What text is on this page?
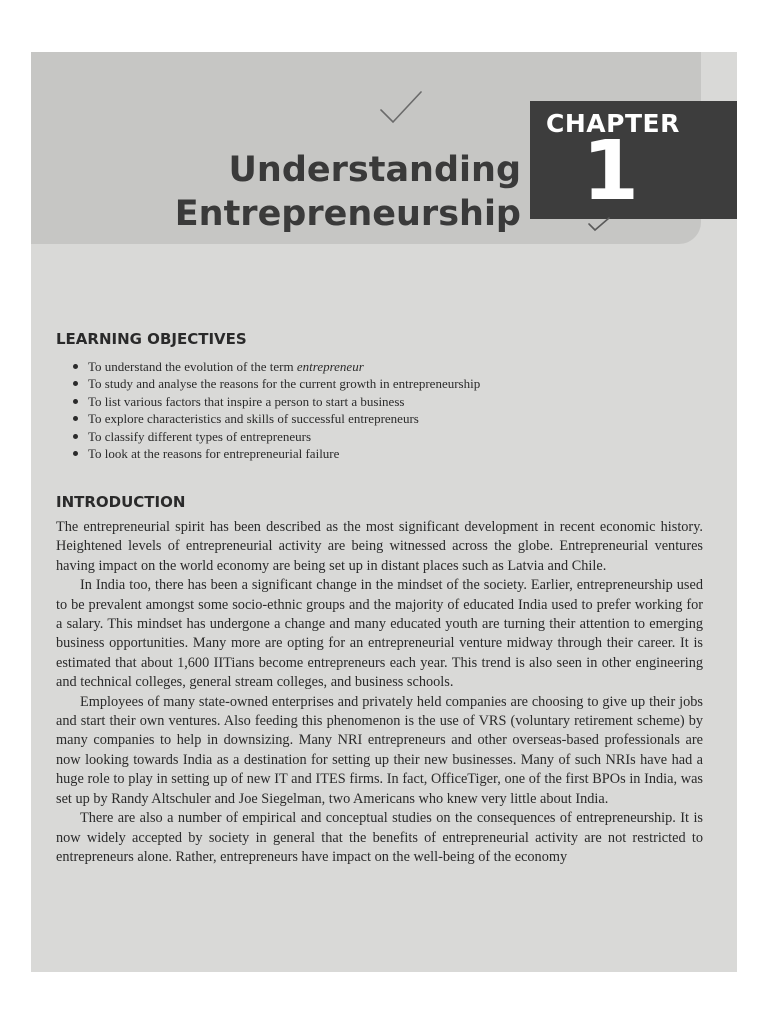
Understanding
Entrepreneurship
CHAPTER
1
LEARNING OBJECTIVES
To understand the evolution of the term entrepreneur
To study and analyse the reasons for the current growth in entrepreneurship
To list various factors that inspire a person to start a business
To explore characteristics and skills of successful entrepreneurs
To classify different types of entrepreneurs
To look at the reasons for entrepreneurial failure
INTRODUCTION

The entrepreneurial spirit has been described as the most significant development in recent economic history. Heightened levels of entrepreneurial activity are being witnessed across the globe. Entrepreneurial ventures having impact on the world economy are being set up in distant places such as Latvia and Chile.

In India too, there has been a significant change in the mindset of the society. Earlier, entrepreneurship used to be prevalent amongst some socio-ethnic groups and the majority of educated India used to prefer working for a salary. This mindset has undergone a change and many educated youth are turning their attention to emerging business opportunities. Many more are opting for an entrepreneurial venture midway through their career. It is estimated that about 1,600 IITians become entrepreneurs each year. This trend is also seen in other engineering and technical colleges, general stream colleges, and business schools.

Employees of many state-owned enterprises and privately held companies are choosing to give up their jobs and start their own ventures. Also feeding this phenomenon is the use of VRS (voluntary retirement scheme) by many companies to help in downsizing. Many NRI entrepreneurs and other overseas-based professionals are now looking towards India as a destination for setting up their new businesses. Many of such NRIs have had a huge role to play in setting up of new IT and ITES firms. In fact, OfficeTiger, one of the first BPOs in India, was set up by Randy Altschuler and Joe Siegelman, two Americans who knew very little about India.

There are also a number of empirical and conceptual studies on the consequences of entrepreneurship. It is now widely accepted by society in general that the benefits of entrepreneurial activity are not restricted to entrepreneurs alone. Rather, entrepreneurs have impact on the well-being of the economy
